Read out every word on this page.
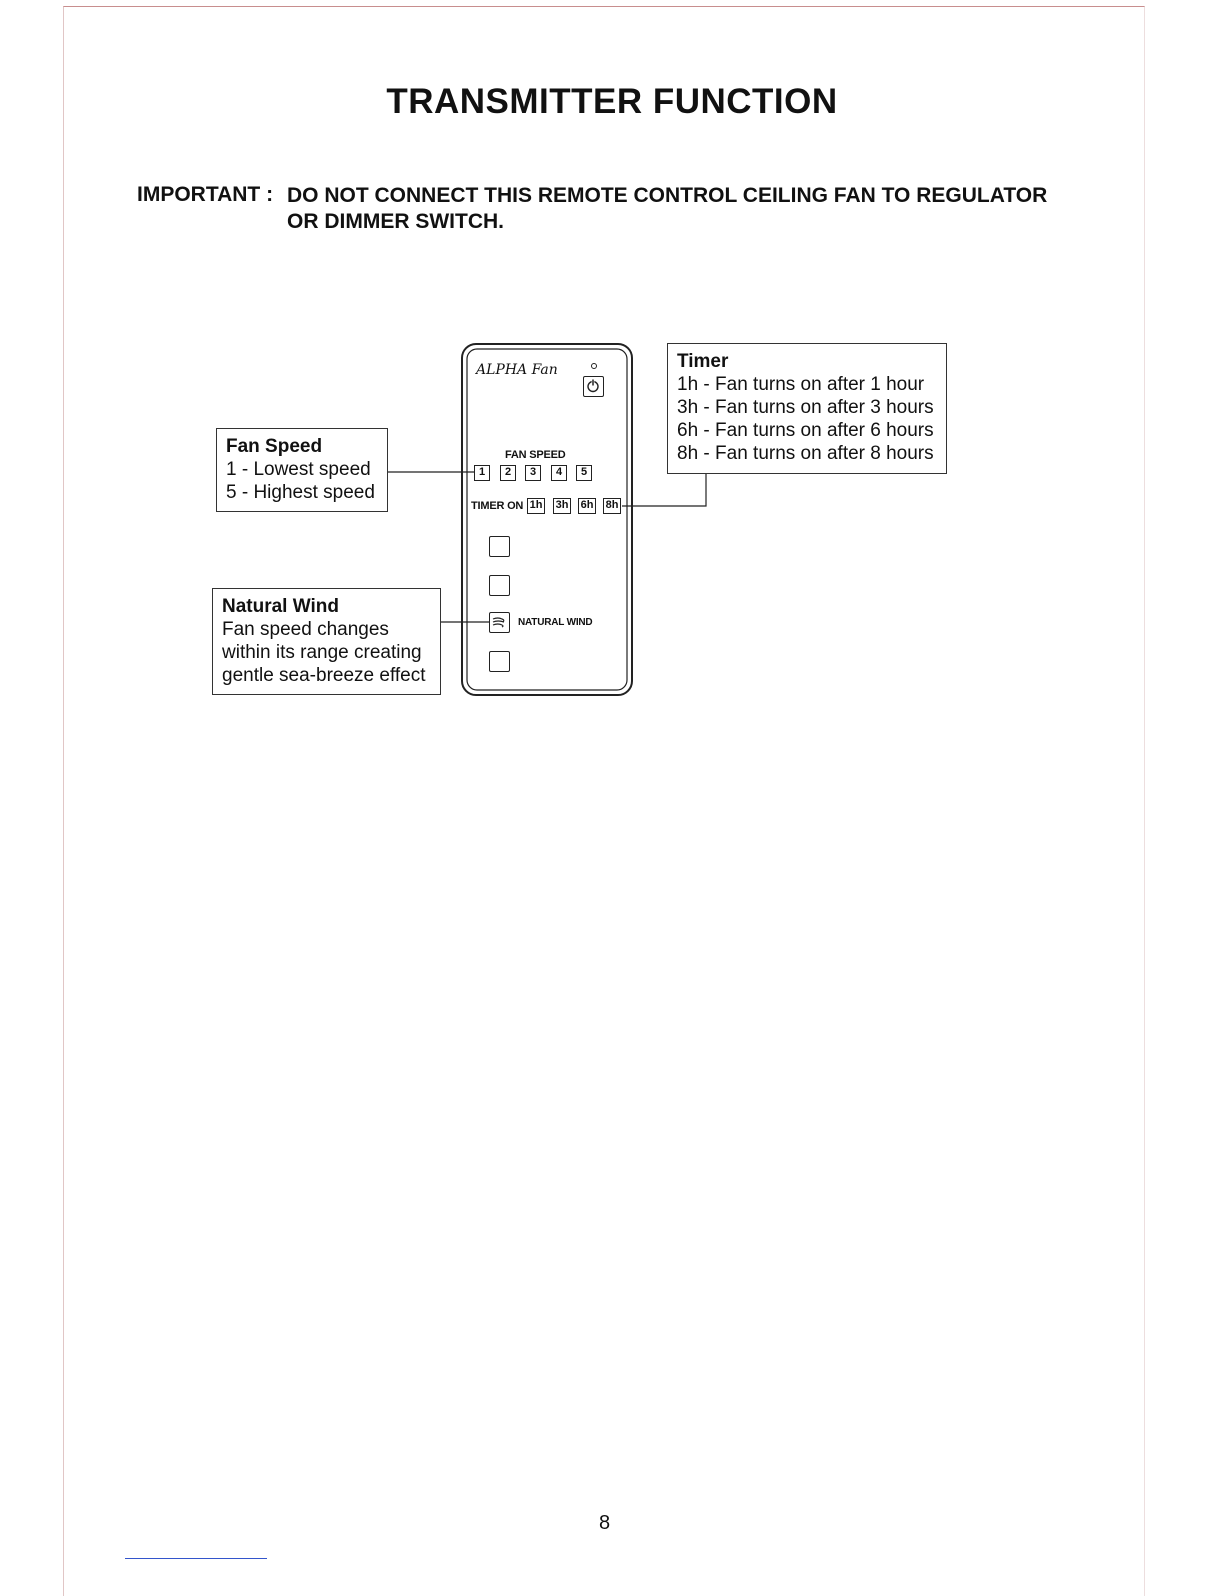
TRANSMITTER FUNCTION
IMPORTANT : DO NOT CONNECT THIS REMOTE CONTROL CEILING FAN TO REGULATOR
OR DIMMER SWITCH.
ALPHA Fan
FAN SPEED
1	2	3	4	5
TIMER ON 1h 3h 6h 8h
NATURAL WIND
Fan Speed
1 - Lowest speed
5 - Highest speed
Timer
1h - Fan turns on after 1 hour
3h - Fan turns on after 3 hours
6h - Fan turns on after 6 hours
8h - Fan turns on after 8 hours
Natural Wind
Fan speed changes
within its range creating
gentle sea-breeze effect
8
